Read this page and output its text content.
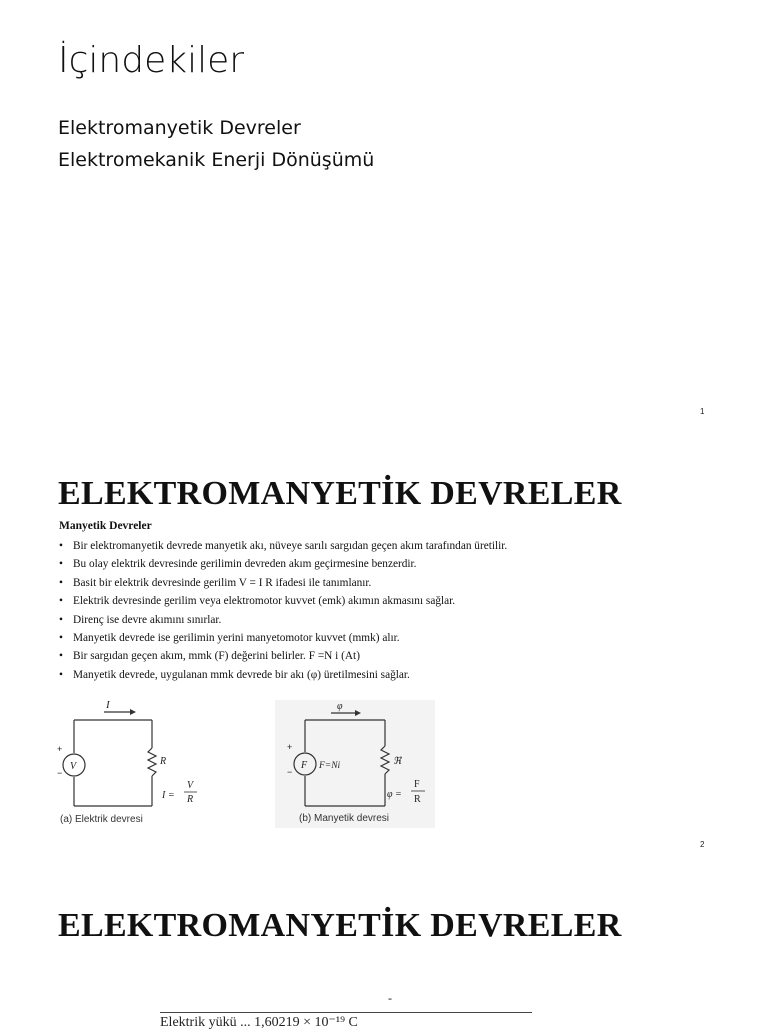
İçindekiler
Elektromanyetik Devreler
Elektromekanik Enerji Dönüşümü
1
ELEKTROMANYETİK DEVRELER
Manyetik Devreler
• Bir elektromanyetik devrede manyetik akı, nüveye sarılı sargıdan geçen akım tarafından üretilir.
• Bu olay elektrik devresinde gerilimin devreden akım geçirmesine benzerdir.
• Basit bir elektrik devresinde gerilim V = I R ifadesi ile tanımlanır.
• Elektrik devresinde gerilim veya elektromotor kuvvet (emk) akımın akmasını sağlar.
• Direnç ise devre akımını sınırlar.
• Manyetik devrede ise gerilimin yerini manyetomotor kuvvet (mmk) alır.
• Bir sargıdan geçen akım, mmk (F) değerini belirler. F =N i (At)
• Manyetik devrede, uygulanan mmk devrede bir akı (φ) üretilmesini sağlar.
I
V	R
+
−
I =
V
R
(a) Elektrik devresi
φ
F F=Ni	ℜ
+
−
φ =
F
R
(b) Manyetik devresi
2
ELEKTROMANYETİK DEVRELER
-
Elektrik yükü ... 1,60219 × 10⁻¹⁹ C
